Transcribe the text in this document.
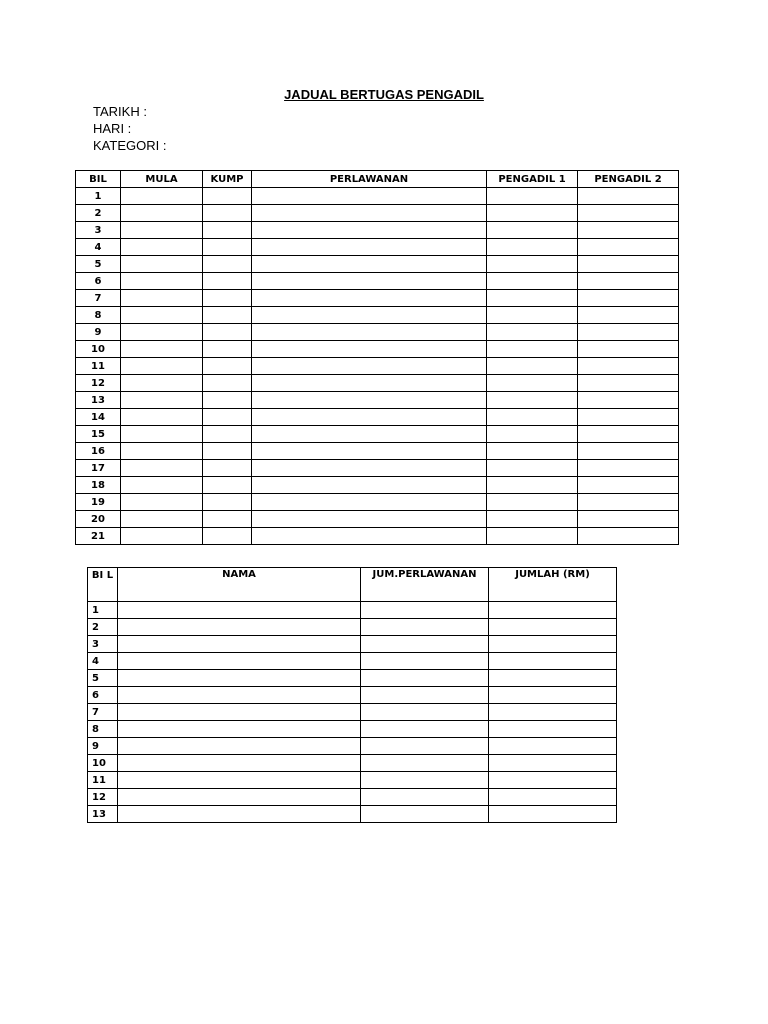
JADUAL BERTUGAS PENGADIL
TARIKH :
HARI :
KATEGORI :
BIL	MULA	KUMP	PERLAWANAN	PENGADIL 1	PENGADIL 2
1					
2					
3					
4					
5					
6					
7					
8					
9					
10					
11					
12					
13					
14					
15					
16					
17					
18					
19					
20					
21					
BI L	NAMA	JUM.PERLAWANAN	JUMLAH (RM)
1			
2			
3			
4			
5			
6			
7			
8			
9			
10			
11			
12			
13			
